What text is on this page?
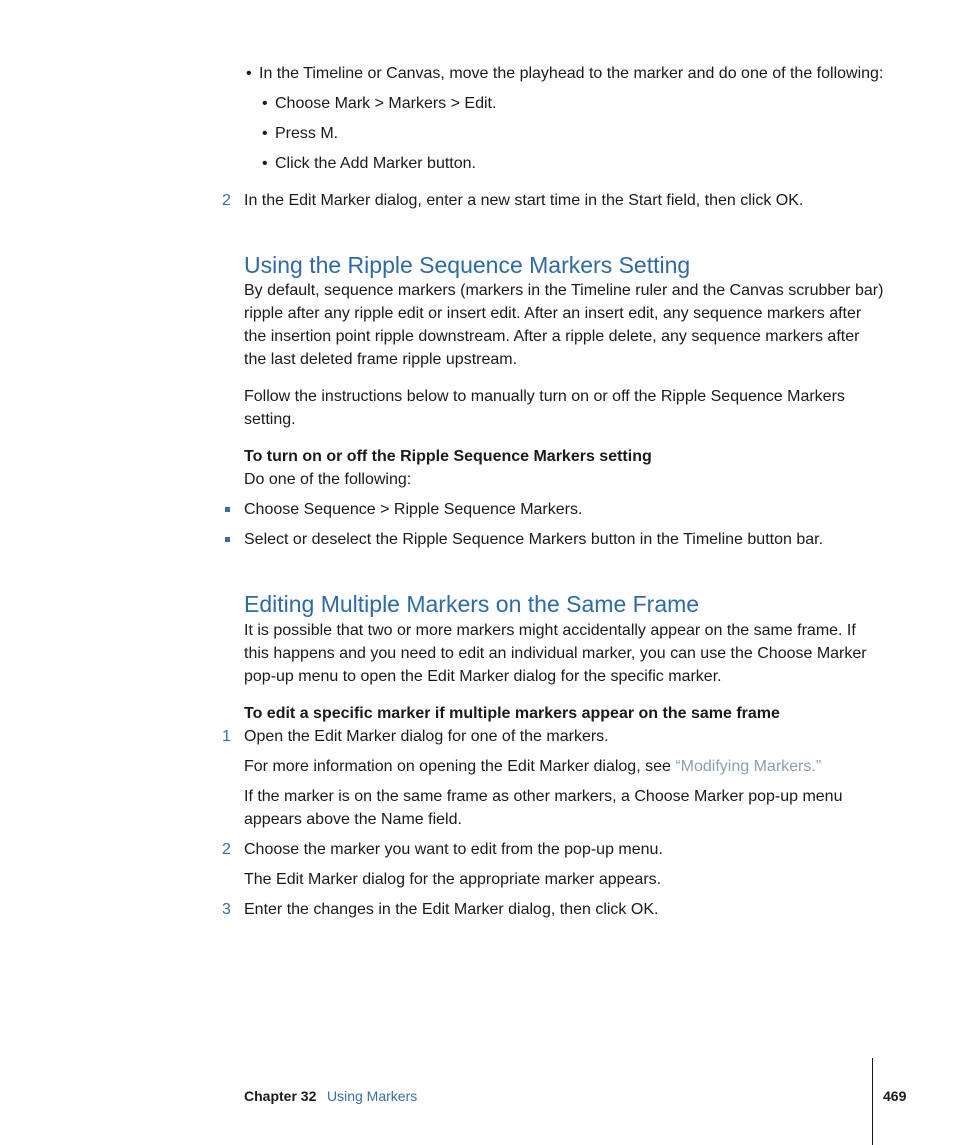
• In the Timeline or Canvas, move the playhead to the marker and do one of the following:
• Choose Mark > Markers > Edit.
• Press M.
• Click the Add Marker button.
2 In the Edit Marker dialog, enter a new start time in the Start field, then click OK.
Using the Ripple Sequence Markers Setting
By default, sequence markers (markers in the Timeline ruler and the Canvas scrubber bar)
ripple after any ripple edit or insert edit. After an insert edit, any sequence markers after
the insertion point ripple downstream. After a ripple delete, any sequence markers after
the last deleted frame ripple upstream.
Follow the instructions below to manually turn on or off the Ripple Sequence Markers
setting.
To turn on or off the Ripple Sequence Markers setting
Do one of the following:
Choose Sequence > Ripple Sequence Markers.
Select or deselect the Ripple Sequence Markers button in the Timeline button bar.
Editing Multiple Markers on the Same Frame
It is possible that two or more markers might accidentally appear on the same frame. If
this happens and you need to edit an individual marker, you can use the Choose Marker
pop-up menu to open the Edit Marker dialog for the specific marker.
To edit a specific marker if multiple markers appear on the same frame
1 Open the Edit Marker dialog for one of the markers.
For more information on opening the Edit Marker dialog, see “Modifying Markers.”
If the marker is on the same frame as other markers, a Choose Marker pop-up menu
appears above the Name field.
2 Choose the marker you want to edit from the pop-up menu.
The Edit Marker dialog for the appropriate marker appears.
3 Enter the changes in the Edit Marker dialog, then click OK.
Chapter 32 Using Markers	469
